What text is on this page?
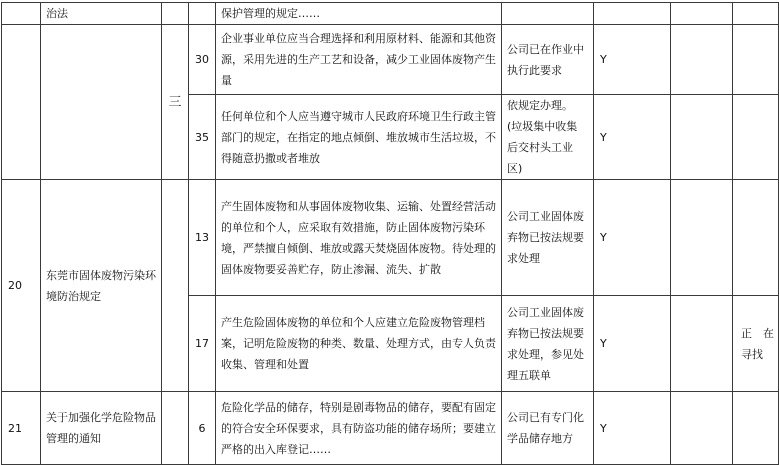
	治法			保护管理的规定……				
		三	30	企业事业单位应当合理选择和利用原材料、能源和其他资源，采用先进的生产工艺和设备，减少工业固体废物产生量	公司已在作业中执行此要求	Y		
			35	任何单位和个人应当遵守城市人民政府环境卫生行政主管部门的规定，在指定的地点倾倒、堆放城市生活垃圾，不得随意扔撒或者堆放	依规定办理。(垃圾集中收集后交村头工业区)	Y		
20	东莞市固体废物污染环境防治规定		13	产生固体废物和从事固体废物收集、运输、处置经营活动的单位和个人，应采取有效措施，防止固体废物污染环境，严禁擅自倾倒、堆放或露天焚烧固体废物。待处理的固体废物要妥善贮存，防止渗漏、流失、扩散	公司工业固体废弃物已按法规要求处理	Y		
			17	产生危险固体废物的单位和个人应建立危险废物管理档案，记明危险废物的种类、数量、处理方式，由专人负责收集、管理和处置	公司工业固体废弃物已按法规要求处理，参见处理五联单	Y		正　在寻找
21	关于加强化学危险物品管理的通知		6	危险化学品的储存，特别是剧毒物品的储存，要配有固定的符合安全环保要求，具有防盗功能的储存场所；要建立严格的出入库登记……	公司已有专门化学品储存地方	Y		
